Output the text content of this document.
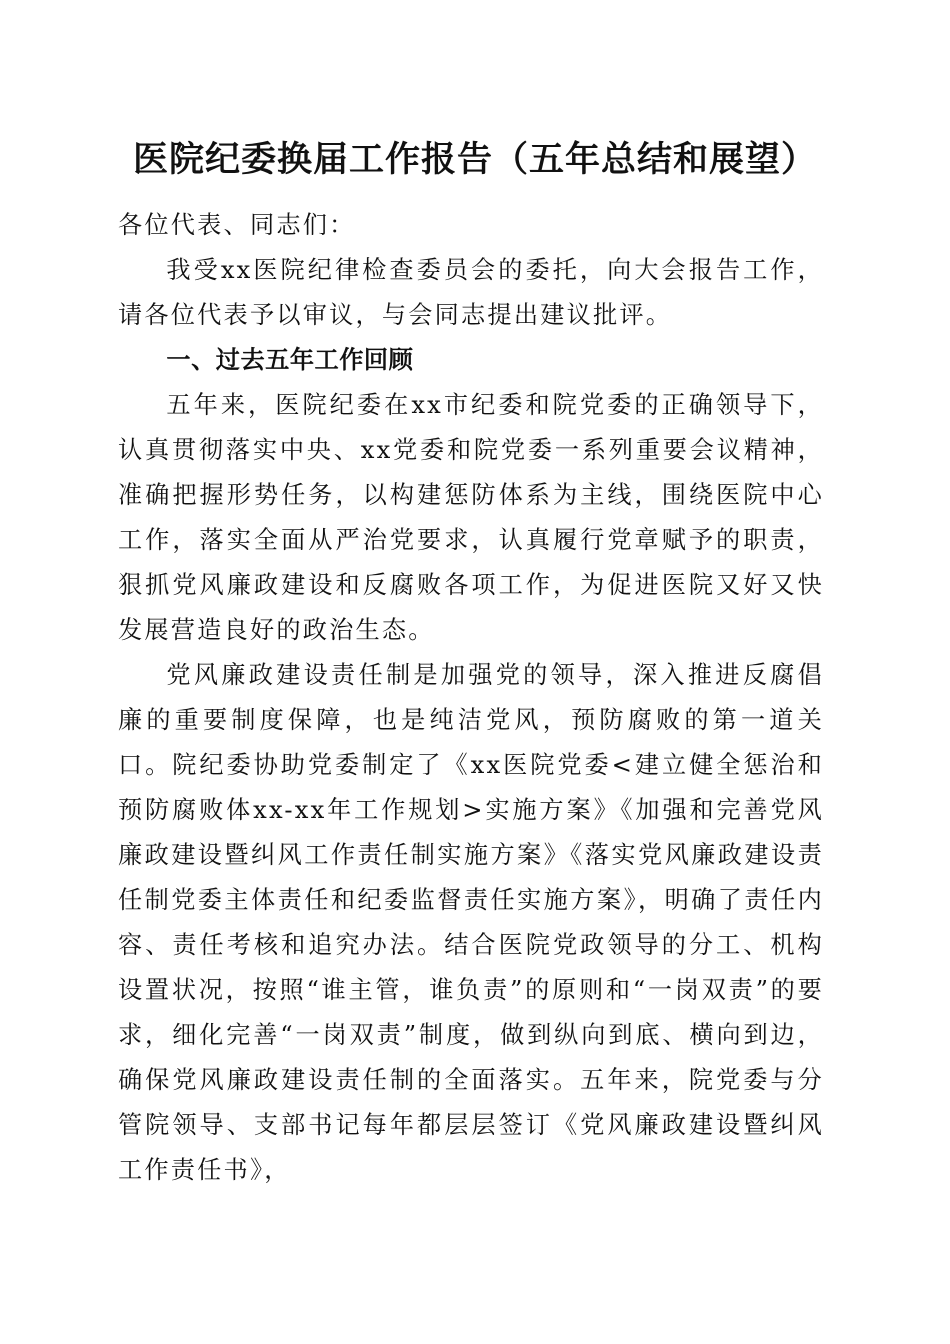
医院纪委换届工作报告（五年总结和展望）

各位代表、同志们：

我受xx医院纪律检查委员会的委托，向大会报告工作，请各位代表予以审议，与会同志提出建议批评。

一、过去五年工作回顾

五年来，医院纪委在xx市纪委和院党委的正确领导下，认真贯彻落实中央、xx党委和院党委一系列重要会议精神，准确把握形势任务，以构建惩防体系为主线，围绕医院中心工作，落实全面从严治党要求，认真履行党章赋予的职责，狠抓党风廉政建设和反腐败各项工作，为促进医院又好又快发展营造良好的政治生态。

党风廉政建设责任制是加强党的领导，深入推进反腐倡廉的重要制度保障，也是纯洁党风，预防腐败的第一道关口。院纪委协助党委制定了《xx医院党委<建立健全惩治和预防腐败体xx-xx年工作规划>实施方案》《加强和完善党风廉政建设暨纠风工作责任制实施方案》《落实党风廉政建设责任制党委主体责任和纪委监督责任实施方案》，明确了责任内容、责任考核和追究办法。结合医院党政领导的分工、机构设置状况，按照“谁主管，谁负责”的原则和“一岗双责”的要求，细化完善“一岗双责”制度，做到纵向到底、横向到边，确保党风廉政建设责任制的全面落实。五年来，院党委与分管院领导、支部书记每年都层层签订《党风廉政建设暨纠风工作责任书》，
